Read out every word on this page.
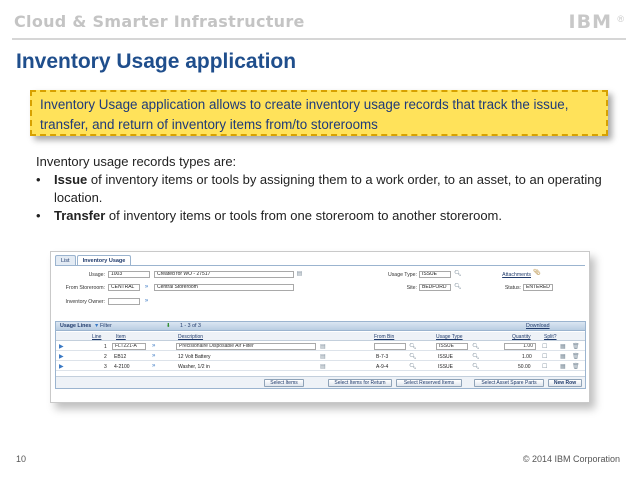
Cloud & Smarter Infrastructure	IBM ®
Inventory Usage application
Inventory Usage application allows to create inventory usage records that track the issue, transfer, and return of inventory items from/to storerooms
Inventory usage records types are:
• Issue of inventory items or tools by assigning them to a work order, to an asset, to an operating location.
• Transfer of inventory items or tools from one storeroom to another storeroom.
List	Inventory Usage
Usage:	1003	Created for WO - 27517	▤
From Storeroom:	CENTRAL	»	Central Storeroom
Inventory Owner:	»
Usage Type:	ISSUE	🔍︎
Site:	BEDFORD	🔍︎
Attachments 📎︎
Status:	ENTERED
Usage Lines ▼ Filter	⬇ 1 - 3 of 3	Download
Line	Item	Description	From Bin	Usage Type	Quantity	Split?
▶	1	FLT221-A	»	Precisionaire Disposable Air Filter	▤	🔍︎	ISSUE	🔍︎	1.00	☐ ▦ 🗑︎
▶	2 EB12	»	12 Volt Battery	▤	B-7-3	🔍︎	ISSUE	🔍︎	1.00 ☐ ▦ 🗑︎
▶	3 4-2100	»	Washer, 1/2 in	▤	A-9-4	🔍︎	ISSUE	🔍︎	50.00 ☐ ▦ 🗑︎
Select Items	Select Items for Return	Select Reserved Items	Select Asset Spare Parts	New Row
10	© 2014 IBM Corporation
